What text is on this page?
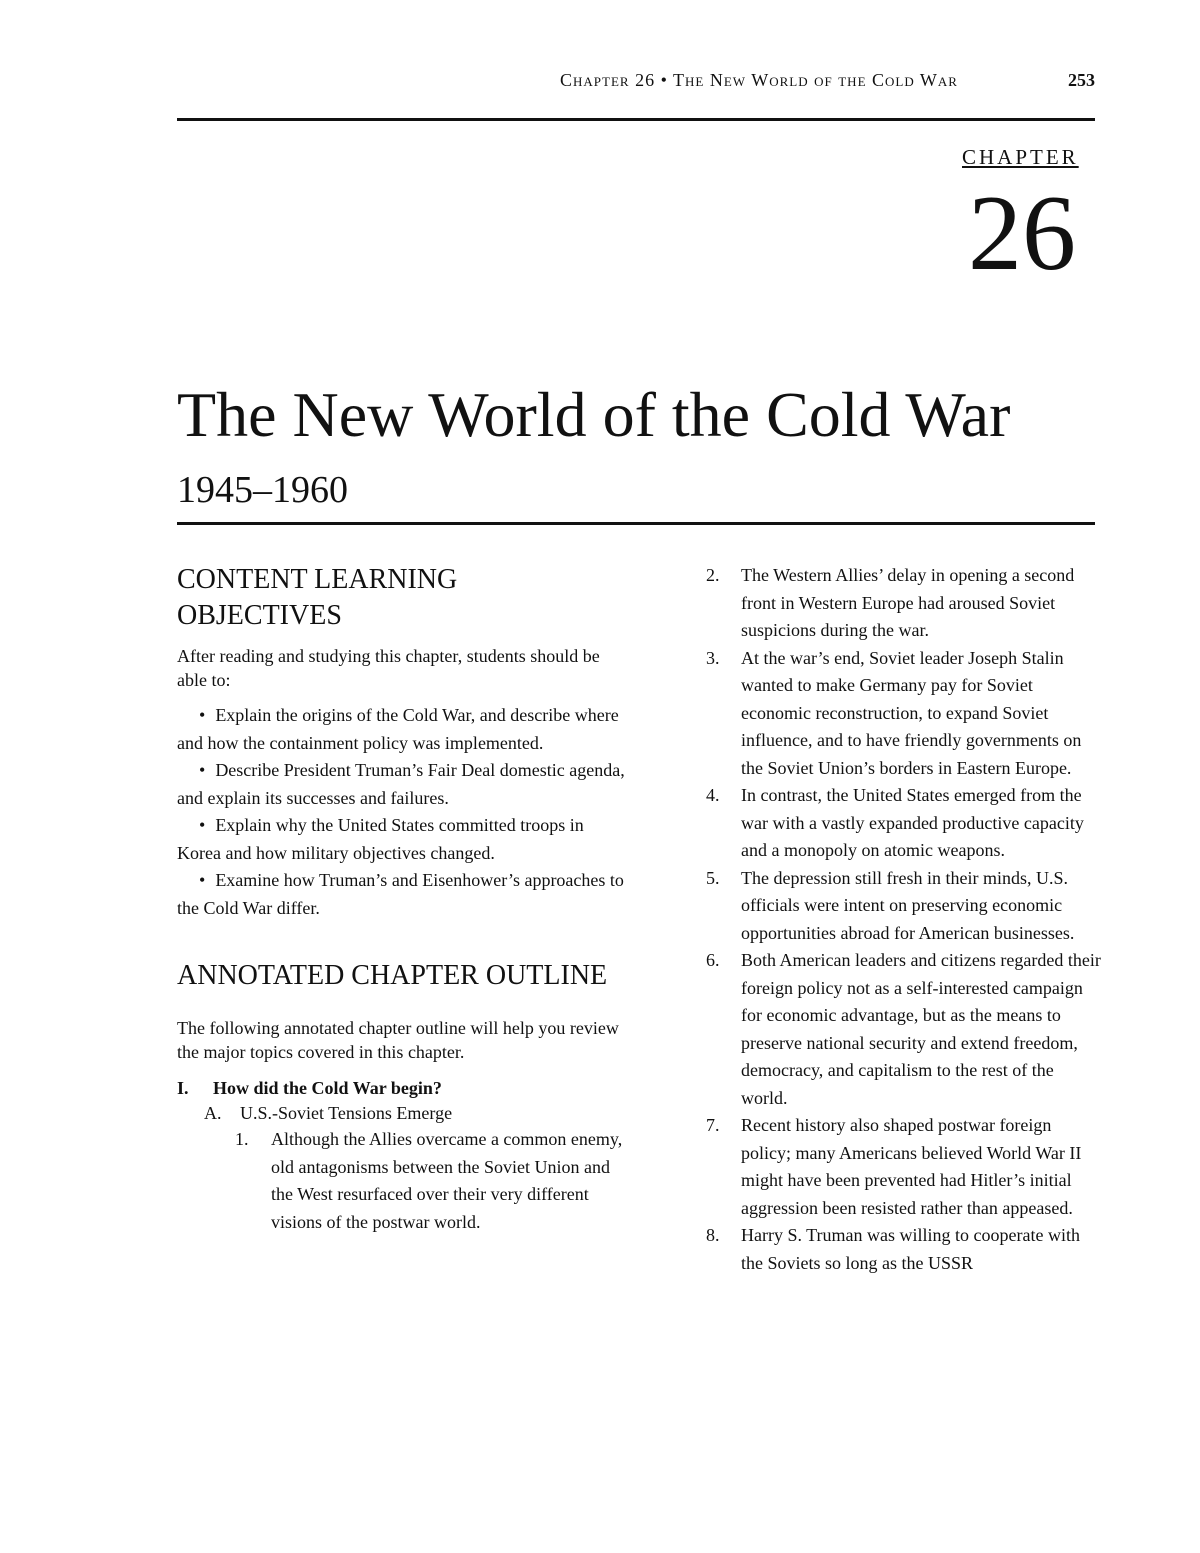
Chapter 26 • The New World of the Cold War	253
CHAPTER
26
The New World of the Cold War
1945–1960
CONTENT LEARNING OBJECTIVES

After reading and studying this chapter, students should be able to:

• Explain the origins of the Cold War, and describe where and how the containment policy was implemented.
• Describe President Truman’s Fair Deal domestic agenda, and explain its successes and failures.
• Explain why the United States committed troops in Korea and how military objectives changed.
• Examine how Truman’s and Eisenhower’s approaches to the Cold War differ.
ANNOTATED CHAPTER OUTLINE

The following annotated chapter outline will help you review the major topics covered in this chapter.

I.	How did the Cold War begin?
A.	U.S.-Soviet Tensions Emerge
1.	Although the Allies overcame a common enemy, old antagonisms between the Soviet Union and the West resurfaced over their very different visions of the postwar world.
2.	The Western Allies’ delay in opening a second front in Western Europe had aroused Soviet suspicions during the war.
3.	At the war’s end, Soviet leader Joseph Stalin wanted to make Germany pay for Soviet economic reconstruction, to expand Soviet influence, and to have friendly governments on the Soviet Union’s borders in Eastern Europe.
4.	In contrast, the United States emerged from the war with a vastly expanded productive capacity and a monopoly on atomic weapons.
5.	The depression still fresh in their minds, U.S. officials were intent on preserving economic opportunities abroad for American businesses.
6.	Both American leaders and citizens regarded their foreign policy not as a self-interested campaign for economic advantage, but as the means to preserve national security and extend freedom, democracy, and capitalism to the rest of the world.
7.	Recent history also shaped postwar foreign policy; many Americans believed World War II might have been prevented had Hitler’s initial aggression been resisted rather than appeased.
8.	Harry S. Truman was willing to cooperate with the Soviets so long as the USSR
